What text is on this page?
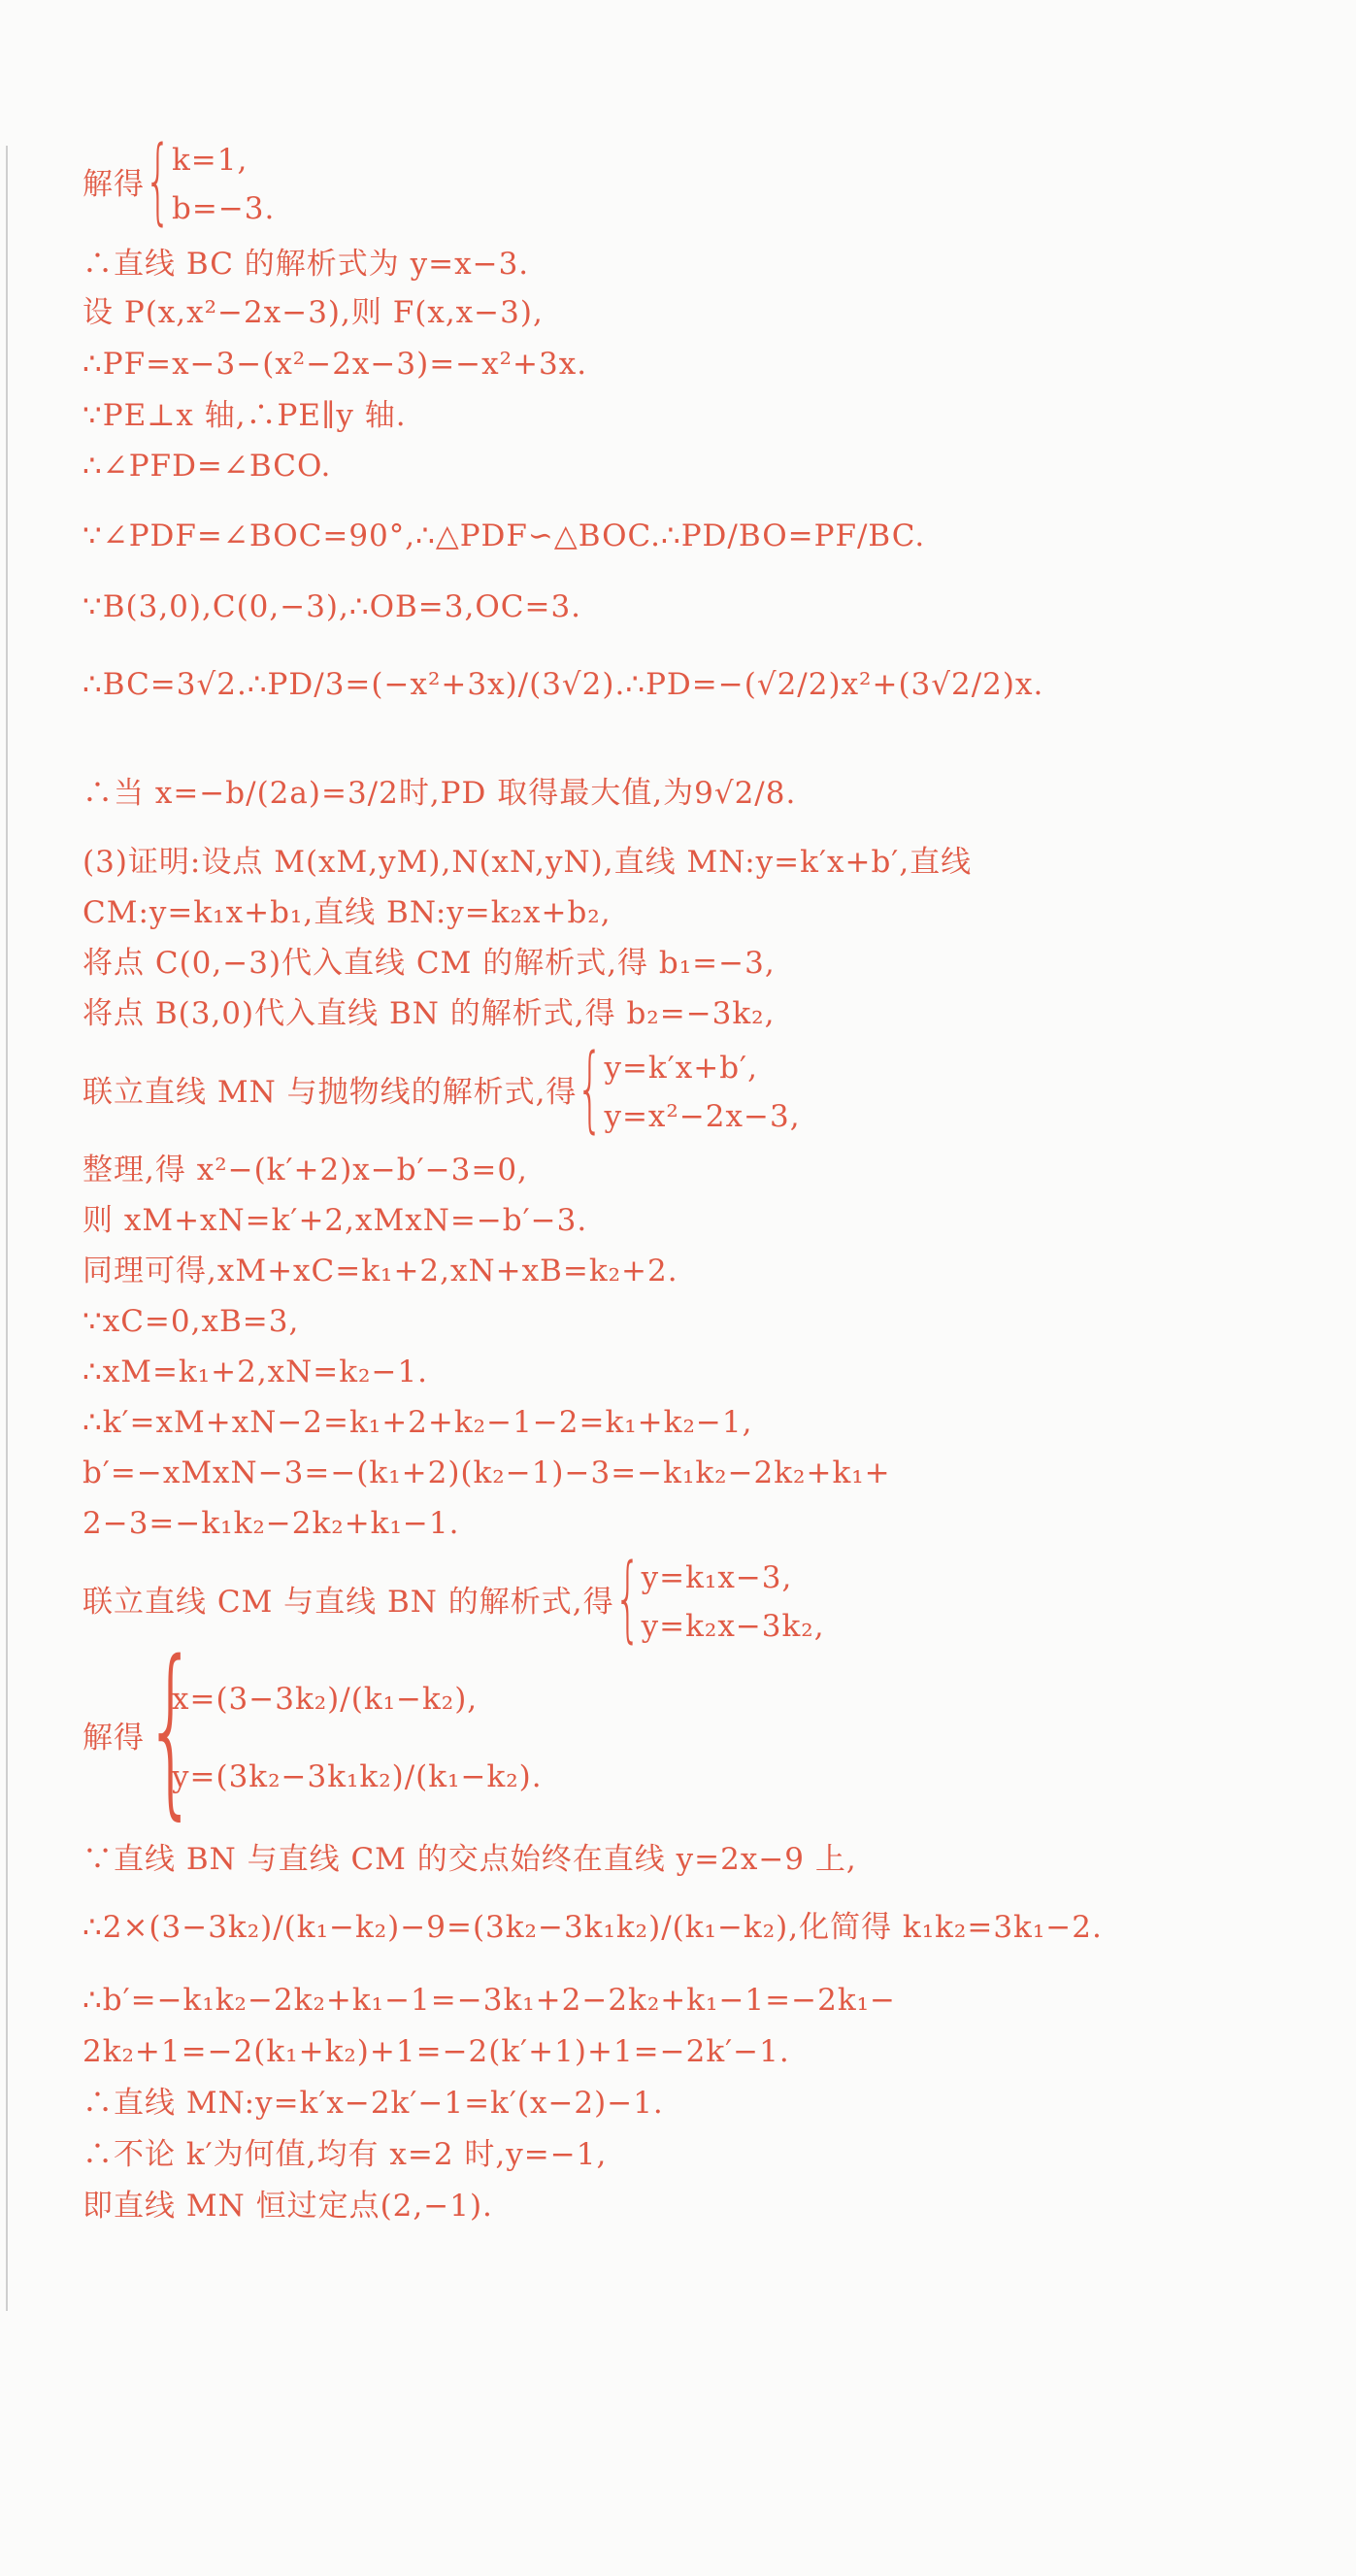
解得 { k=1,
b=−3.
∴直线 BC 的解析式为 y=x−3.
设 P(x,x²−2x−3),则 F(x,x−3),
∴PF=x−3−(x²−2x−3)=−x²+3x.
∵PE⊥x 轴,∴PE∥y 轴.
∴∠PFD=∠BCO.
∵∠PDF=∠BOC=90°,∴△PDF∽△BOC.∴PD/BO=PF/BC.
∵B(3,0),C(0,−3),∴OB=3,OC=3.
∴BC=3√2.∴PD/3=(−x²+3x)/(3√2).∴PD=−(√2/2)x²+(3√2/2)x.
∴当 x=−b/(2a)=3/2时,PD 取得最大值,为9√2/8.
(3)证明:设点 M(xM,yM),N(xN,yN),直线 MN:y=k′x+b′,直线
CM:y=k₁x+b₁,直线 BN:y=k₂x+b₂,
将点 C(0,−3)代入直线 CM 的解析式,得 b₁=−3,
将点 B(3,0)代入直线 BN 的解析式,得 b₂=−3k₂,
联立直线 MN 与抛物线的解析式,得 { y=k′x+b′,
y=x²−2x−3,
整理,得 x²−(k′+2)x−b′−3=0,
则 xM+xN=k′+2,xMxN=−b′−3.
同理可得,xM+xC=k₁+2,xN+xB=k₂+2.
∵xC=0,xB=3,
∴xM=k₁+2,xN=k₂−1.
∴k′=xM+xN−2=k₁+2+k₂−1−2=k₁+k₂−1,
b′=−xMxN−3=−(k₁+2)(k₂−1)−3=−k₁k₂−2k₂+k₁+
2−3=−k₁k₂−2k₂+k₁−1.
联立直线 CM 与直线 BN 的解析式,得 { y=k₁x−3,
y=k₂x−3k₂,
解得 {
x=(3−3k₂)/(k₁−k₂),
y=(3k₂−3k₁k₂)/(k₁−k₂).
∵直线 BN 与直线 CM 的交点始终在直线 y=2x−9 上,
∴2×(3−3k₂)/(k₁−k₂)−9=(3k₂−3k₁k₂)/(k₁−k₂),化简得 k₁k₂=3k₁−2.
∴b′=−k₁k₂−2k₂+k₁−1=−3k₁+2−2k₂+k₁−1=−2k₁−
2k₂+1=−2(k₁+k₂)+1=−2(k′+1)+1=−2k′−1.
∴直线 MN:y=k′x−2k′−1=k′(x−2)−1.
∴不论 k′为何值,均有 x=2 时,y=−1,
即直线 MN 恒过定点(2,−1).
